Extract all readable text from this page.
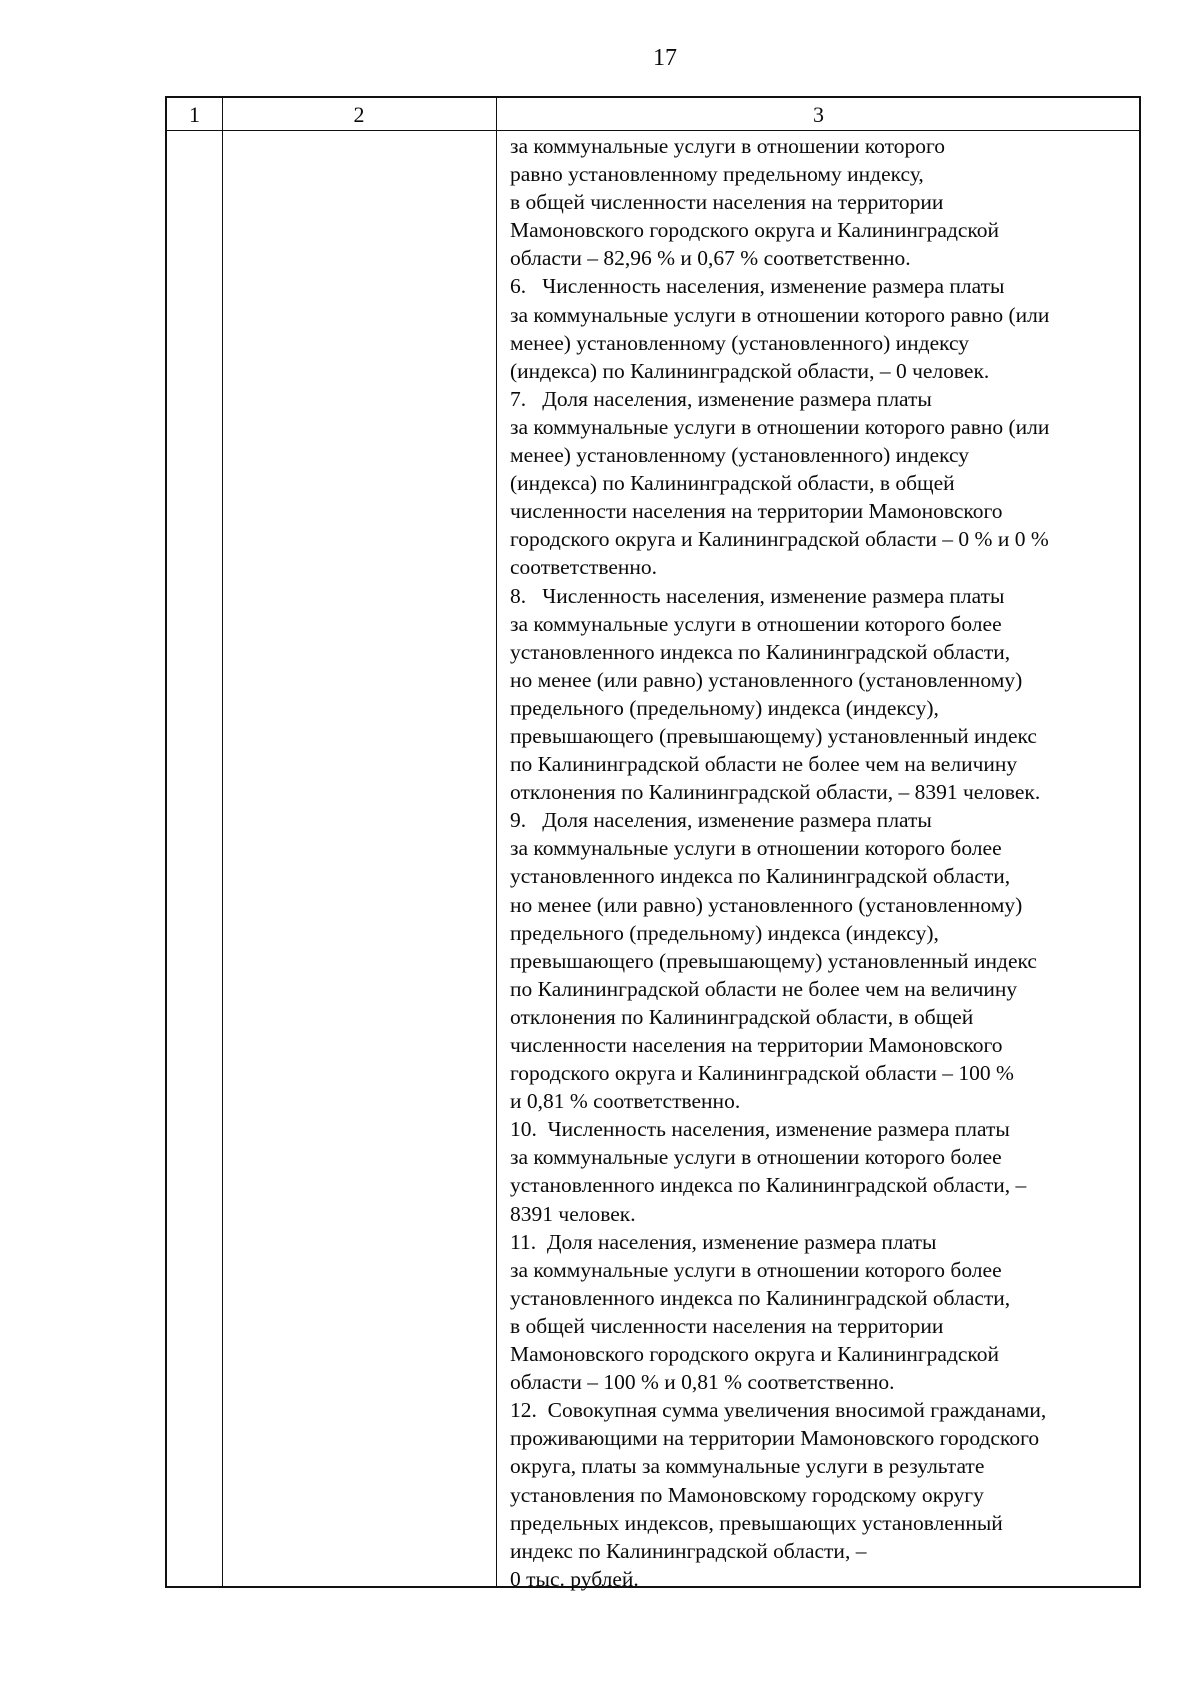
17
1	2	3
за коммунальные услуги в отношении которого
равно установленному предельному индексу,
в общей численности населения на территории
Мамоновского городского округа и Калининградской
области – 82,96 % и 0,67 % соответственно.
6.   Численность населения, изменение размера платы
за коммунальные услуги в отношении которого равно (или
менее) установленному (установленного) индексу
(индекса) по Калининградской области, – 0 человек.
7.   Доля населения, изменение размера платы
за коммунальные услуги в отношении которого равно (или
менее) установленному (установленного) индексу
(индекса) по Калининградской области, в общей
численности населения на территории Мамоновского
городского округа и Калининградской области – 0 % и 0 %
соответственно.
8.   Численность населения, изменение размера платы
за коммунальные услуги в отношении которого более
установленного индекса по Калининградской области,
но менее (или равно) установленного (установленному)
предельного (предельному) индекса (индексу),
превышающего (превышающему) установленный индекс
по Калининградской области не более чем на величину
отклонения по Калининградской области, – 8391 человек.
9.   Доля населения, изменение размера платы
за коммунальные услуги в отношении которого более
установленного индекса по Калининградской области,
но менее (или равно) установленного (установленному)
предельного (предельному) индекса (индексу),
превышающего (превышающему) установленный индекс
по Калининградской области не более чем на величину
отклонения по Калининградской области, в общей
численности населения на территории Мамоновского
городского округа и Калининградской области – 100 %
и 0,81 % соответственно.
10.  Численность населения, изменение размера платы
за коммунальные услуги в отношении которого более
установленного индекса по Калининградской области, –
8391 человек.
11.  Доля населения, изменение размера платы
за коммунальные услуги в отношении которого более
установленного индекса по Калининградской области,
в общей численности населения на территории
Мамоновского городского округа и Калининградской
области – 100 % и 0,81 % соответственно.
12.  Совокупная сумма увеличения вносимой гражданами,
проживающими на территории Мамоновского городского
округа, платы за коммунальные услуги в результате
установления по Мамоновскому городскому округу
предельных индексов, превышающих установленный
индекс по Калининградской области, –
0 тыс. рублей.
